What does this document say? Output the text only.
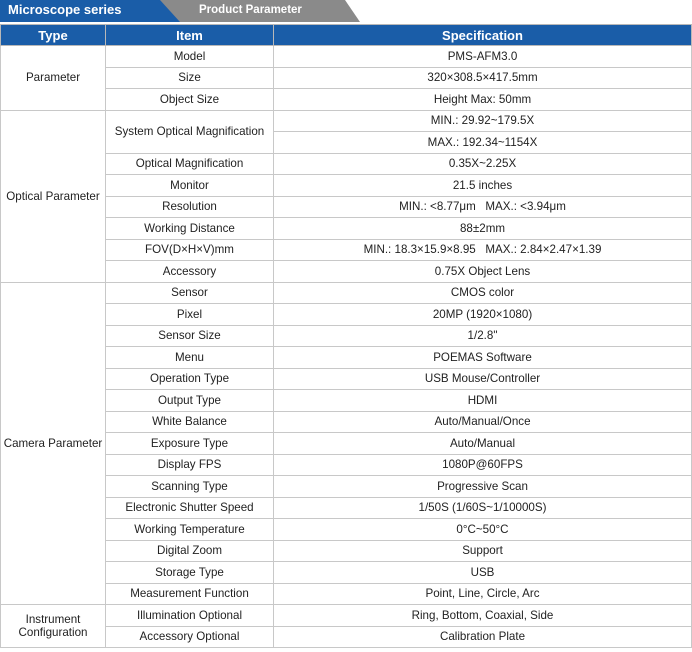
Microscope series	Product Parameter
Type	Item	Specification
Parameter	Model	PMS-AFM3.0
	Size	320×308.5×417.5mm
	Object Size	Height Max: 50mm
Optical Parameter	System Optical Magnification	MIN.: 29.92~179.5X
		MAX.: 192.34~1154X
	Optical Magnification	0.35X~2.25X
	Monitor	21.5 inches
	Resolution	MIN.: <8.77μm   MAX.: <3.94μm
	Working Distance	88±2mm
	FOV(D×H×V)mm	MIN.: 18.3×15.9×8.95   MAX.: 2.84×2.47×1.39
	Accessory	0.75X Object Lens
Camera Parameter	Sensor	CMOS color
	Pixel	20MP (1920×1080)
	Sensor Size	1/2.8"
	Menu	POEMAS Software
	Operation Type	USB Mouse/Controller
	Output Type	HDMI
	White Balance	Auto/Manual/Once
	Exposure Type	Auto/Manual
	Display FPS	1080P@60FPS
	Scanning Type	Progressive Scan
	Electronic Shutter Speed	1/50S (1/60S~1/10000S)
	Working Temperature	0°C~50°C
	Digital Zoom	Support
	Storage Type	USB
	Measurement Function	Point, Line, Circle, Arc
Instrument Configuration	Illumination Optional	Ring, Bottom, Coaxial, Side
	Accessory Optional	Calibration Plate
